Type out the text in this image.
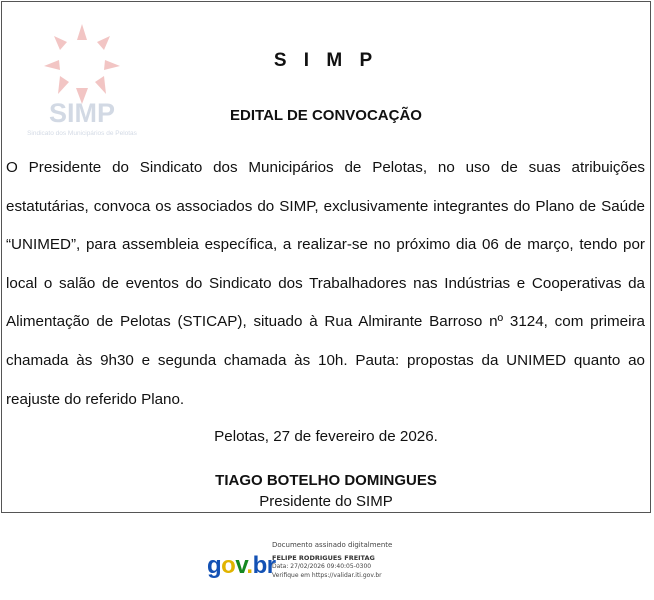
SIMP
Sindicato dos Municipários de Pelotas
S I M P
EDITAL DE CONVOCAÇÃO

O Presidente do Sindicato dos Municipários de Pelotas, no uso de suas atribuições estatutárias, convoca os associados do SIMP, exclusivamente integrantes do Plano de Saúde “UNIMED”, para assembleia específica, a realizar-se no próximo dia 06 de março, tendo por local o salão de eventos do Sindicato dos Trabalhadores nas Indústrias e Cooperativas da Alimentação de Pelotas (STICAP), situado à Rua Almirante Barroso nº 3124, com primeira chamada às 9h30 e segunda chamada às 10h. Pauta: propostas da UNIMED quanto ao reajuste do referido Plano.

Pelotas, 27 de fevereiro de 2026.
TIAGO BOTELHO DOMINGUES
Presidente do SIMP
gov.br
Documento assinado digitalmente
FELIPE RODRIGUES FREITAG
Data: 27/02/2026 09:40:05-0300
Verifique em https://validar.iti.gov.br
